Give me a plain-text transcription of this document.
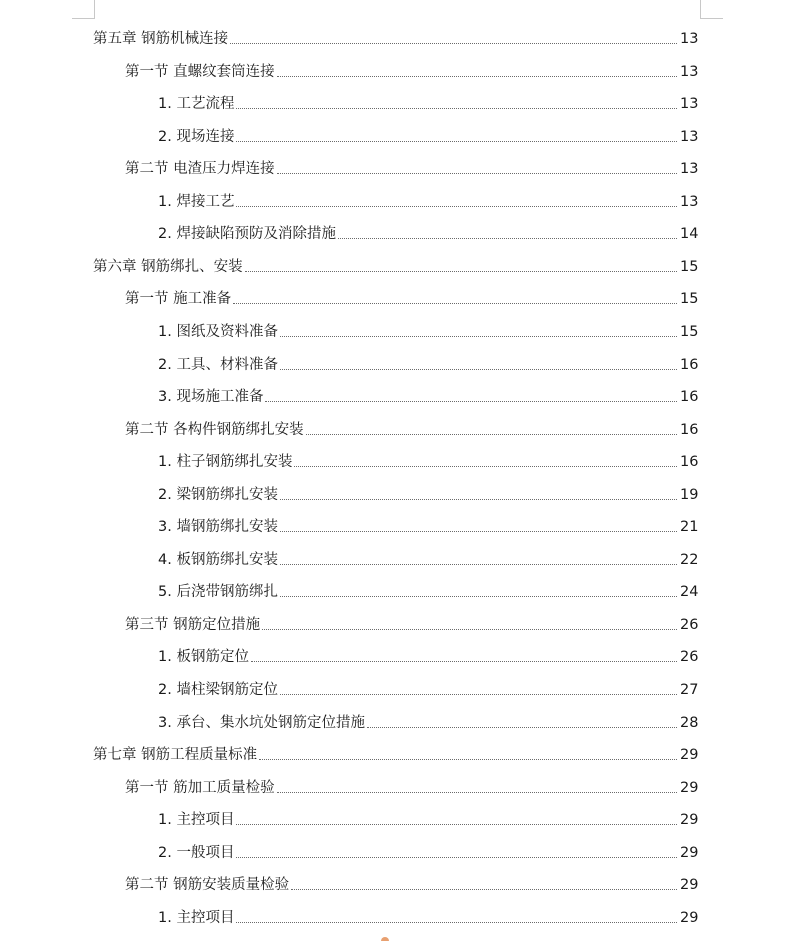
第五章 钢筋机械连接	13
第一节 直螺纹套筒连接	13
1. 工艺流程	13
2. 现场连接	13
第二节 电渣压力焊连接	13
1. 焊接工艺	13
2. 焊接缺陷预防及消除措施	14
第六章 钢筋绑扎、安装	15
第一节 施工准备	15
1. 图纸及资料准备	15
2. 工具、材料准备	16
3. 现场施工准备	16
第二节 各构件钢筋绑扎安装	16
1. 柱子钢筋绑扎安装	16
2. 梁钢筋绑扎安装	19
3. 墙钢筋绑扎安装	21
4. 板钢筋绑扎安装	22
5. 后浇带钢筋绑扎	24
第三节 钢筋定位措施	26
1. 板钢筋定位	26
2. 墙柱梁钢筋定位	27
3. 承台、集水坑处钢筋定位措施	28
第七章 钢筋工程质量标准	29
第一节 筋加工质量检验	29
1. 主控项目	29
2. 一般项目	29
第二节 钢筋安装质量检验	29
1. 主控项目	29
